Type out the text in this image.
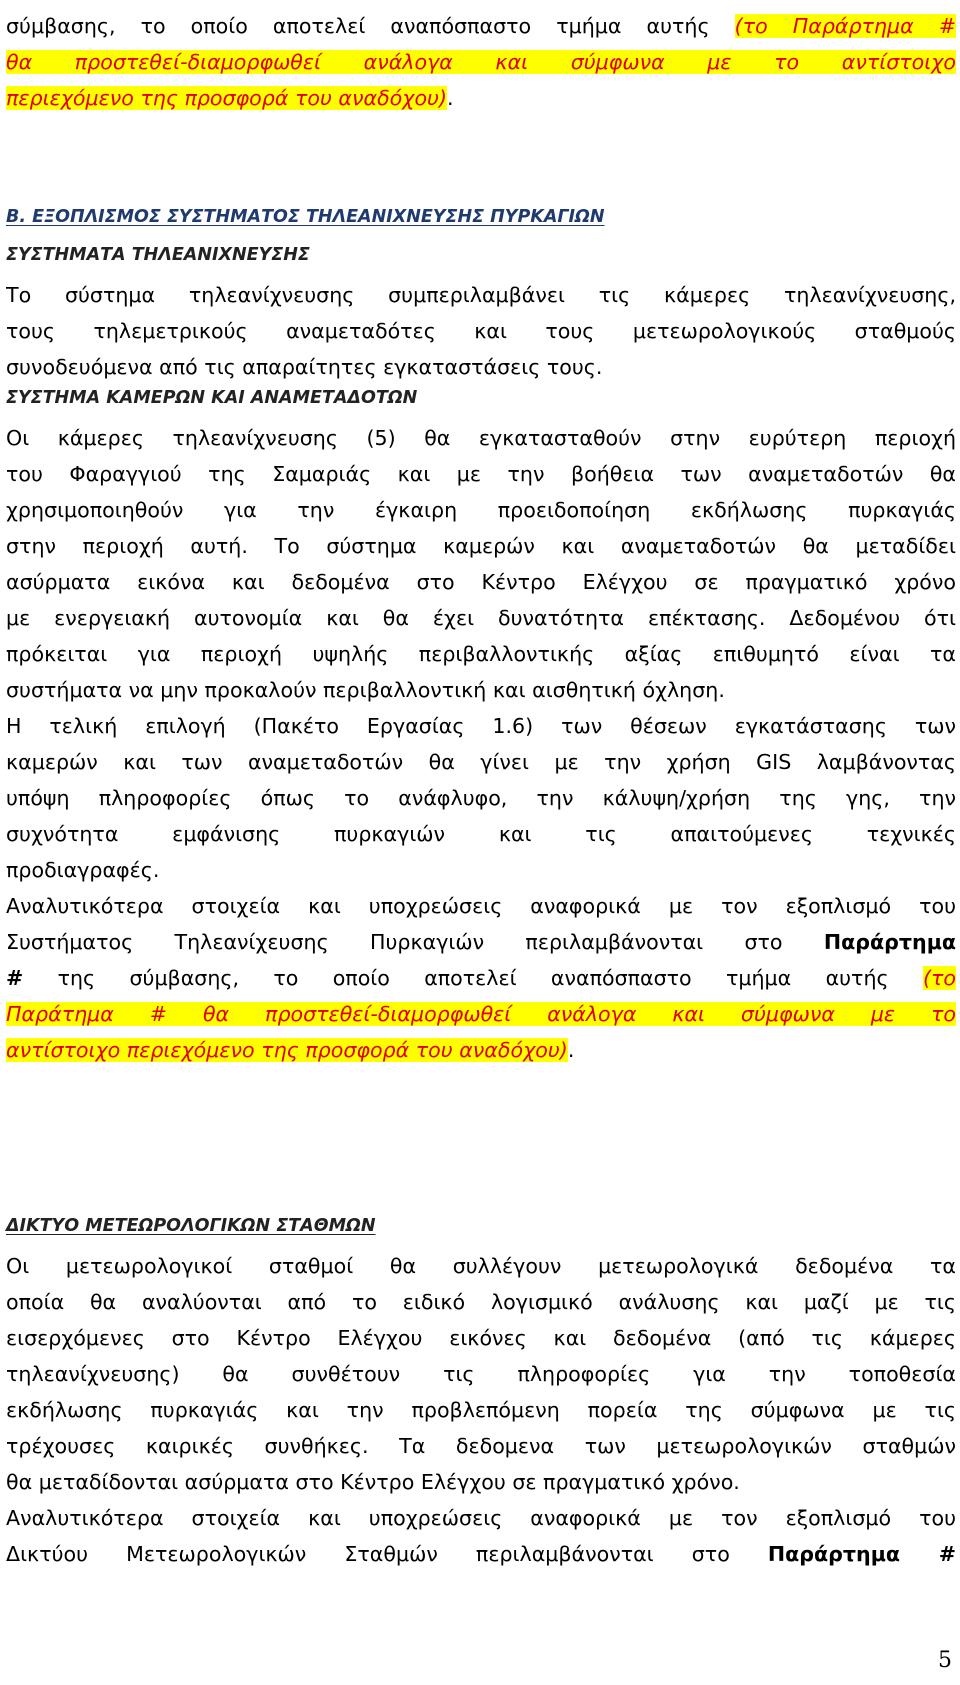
σύμβασης, το οποίο αποτελεί αναπόσπαστο τμήμα αυτής (το Παράρτημα #
θα προστεθεί-διαμορφωθεί ανάλογα και σύμφωνα με το αντίστοιχο
περιεχόμενο της προσφορά του αναδόχου).
B. ΕΞΟΠΛΙΣΜΟΣ ΣΥΣΤΗΜΑΤΟΣ ΤΗΛΕΑΝΙΧΝΕΥΣΗΣ ΠΥΡΚΑΓΙΩΝ
ΣΥΣΤΗΜΑΤΑ ΤΗΛΕΑΝΙΧΝΕΥΣΗΣ
Το σύστημα τηλεανίχνευσης συμπεριλαμβάνει τις κάμερες τηλεανίχνευσης,
τους τηλεμετρικούς αναμεταδότες και τους μετεωρολογικούς σταθμούς
συνοδευόμενα από τις απαραίτητες εγκαταστάσεις τους.
ΣΥΣΤΗΜΑ ΚΑΜΕΡΩΝ ΚΑΙ ΑΝΑΜΕΤΑΔΟΤΩΝ
Οι κάμερες τηλεανίχνευσης (5) θα εγκατασταθούν στην ευρύτερη περιοχή
του Φαραγγιού της Σαμαριάς και με την βοήθεια των αναμεταδοτών θα
χρησιμοποιηθούν για την έγκαιρη προειδοποίηση εκδήλωσης πυρκαγιάς
στην περιοχή αυτή. Το σύστημα καμερών και αναμεταδοτών θα μεταδίδει
ασύρματα εικόνα και δεδομένα στο Κέντρο Ελέγχου σε πραγματικό χρόνο
με ενεργειακή αυτονομία και θα έχει δυνατότητα επέκτασης. Δεδομένου ότι
πρόκειται για περιοχή υψηλής περιβαλλοντικής αξίας επιθυμητό είναι τα
συστήματα να μην προκαλούν περιβαλλοντική και αισθητική όχληση.
Η τελική επιλογή (Πακέτο Εργασίας 1.6) των θέσεων εγκατάστασης των
καμερών και των αναμεταδοτών θα γίνει με την χρήση GIS λαμβάνοντας
υπόψη πληροφορίες όπως το ανάφλυφο, την κάλυψη/χρήση της γης, την
συχνότητα εμφάνισης πυρκαγιών και τις απαιτούμενες τεχνικές
προδιαγραφές.
Αναλυτικότερα στοιχεία και υποχρεώσεις αναφορικά με τον εξοπλισμό του
Συστήματος Τηλεανίχευσης Πυρκαγιών περιλαμβάνονται στο Παράρτημα
# της σύμβασης, το οποίο αποτελεί αναπόσπαστο τμήμα αυτής (το
Παράτημα # θα προστεθεί-διαμορφωθεί ανάλογα και σύμφωνα με το
αντίστοιχο περιεχόμενο της προσφορά του αναδόχου).
ΔΙΚΤΥΟ ΜΕΤΕΩΡΟΛΟΓΙΚΩΝ ΣΤΑΘΜΩΝ
Οι μετεωρολογικοί σταθμοί θα συλλέγουν μετεωρολογικά δεδομένα τα
οποία θα αναλύονται από το ειδικό λογισμικό ανάλυσης και μαζί με τις
εισερχόμενες στο Κέντρο Ελέγχου εικόνες και δεδομένα (από τις κάμερες
τηλεανίχνευσης) θα συνθέτουν τις πληροφορίες για την τοποθεσία
εκδήλωσης πυρκαγιάς και την προβλεπόμενη πορεία της σύμφωνα με τις
τρέχουσες καιρικές συνθήκες. Τα δεδομενα των μετεωρολογικών σταθμών
θα μεταδίδονται ασύρματα στο Κέντρο Ελέγχου σε πραγματικό χρόνο.
Αναλυτικότερα στοιχεία και υποχρεώσεις αναφορικά με τον εξοπλισμό του
Δικτύου Μετεωρολογικών Σταθμών περιλαμβάνονται στο Παράρτημα #
5
